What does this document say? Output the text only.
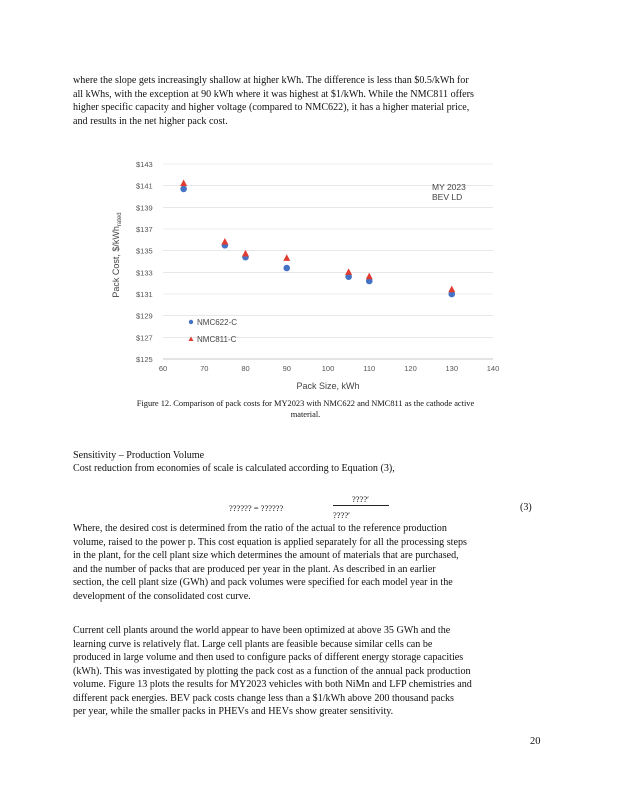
where the slope gets increasingly shallow at higher kWh. The difference is less than $0.5/kWh for
all kWhs, with the exception at 90 kWh where it was highest at $1/kWh. While the NMC811 offers
higher specific capacity and higher voltage (compared to NMC622), it has a higher material price,
and results in the net higher pack cost.
$125
$127
$129
$131
$133
$135
$137
$139
$141
$143
60	70	80	90	100	110	120	130	140
Pack Size, kWh
Pack Cost, $/kWh$_{rated}$
MY 2023
BEV LD
NMC622-C
NMC811-C
Figure 12. Comparison of pack costs for MY2023 with NMC622 and NMC811 as the cathode active
material.
Sensitivity – Production Volume
Cost reduction from economies of scale is calculated according to Equation (3),
?????? = ??????
????′
????′
(3)
Where, the desired cost is determined from the ratio of the actual to the reference production
volume, raised to the power p. This cost equation is applied separately for all the processing steps
in the plant, for the cell plant size which determines the amount of materials that are purchased,
and the number of packs that are produced per year in the plant. As described in an earlier
section, the cell plant size (GWh) and pack volumes were specified for each model year in the
development of the consolidated cost curve.
Current cell plants around the world appear to have been optimized at above 35 GWh and the
learning curve is relatively flat. Large cell plants are feasible because similar cells can be
produced in large volume and then used to configure packs of different energy storage capacities
(kWh). This was investigated by plotting the pack cost as a function of the annual pack production
volume. Figure 13 plots the results for MY2023 vehicles with both NiMn and LFP chemistries and
different pack energies. BEV pack costs change less than a $1/kWh above 200 thousand packs
per year, while the smaller packs in PHEVs and HEVs show greater sensitivity.
20
